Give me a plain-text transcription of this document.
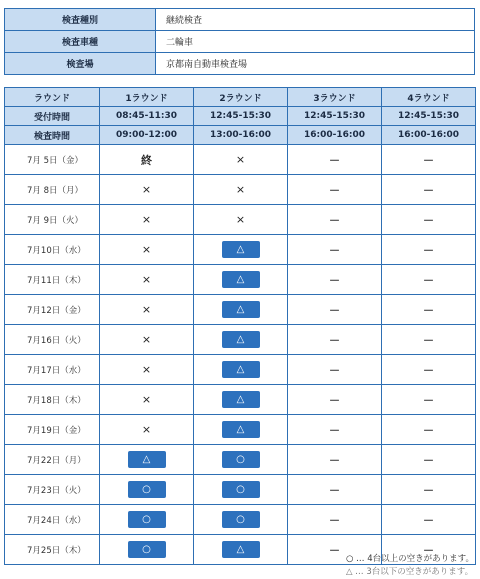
検査種別	継続検査
検査車種	二輪車
検査場	京都南自動車検査場
ラウンド	1ラウンド	2ラウンド	3ラウンド	4ラウンド
受付時間	08:45-11:30	12:45-15:30	12:45-15:30	12:45-15:30
検査時間	09:00-12:00	13:00-16:00	16:00-16:00	16:00-16:00
7月 5日（金）	終	×	－	－
7月 8日（月）	×	×	－	－
7月 9日（火）	×	×	－	－
7月10日（水）	×	△	－	－
7月11日（木）	×	△	－	－
7月12日（金）	×	△	－	－
7月16日（火）	×	△	－	－
7月17日（水）	×	△	－	－
7月18日（木）	×	△	－	－
7月19日（金）	×	△	－	－
7月22日（月）	△	○	－	－
7月23日（火）	○	○	－	－
7月24日（水）	○	○	－	－
7月25日（木）	○	△	－	－
○ … 4台以上の空きがあります。
△ … 3台以下の空きがあります。
